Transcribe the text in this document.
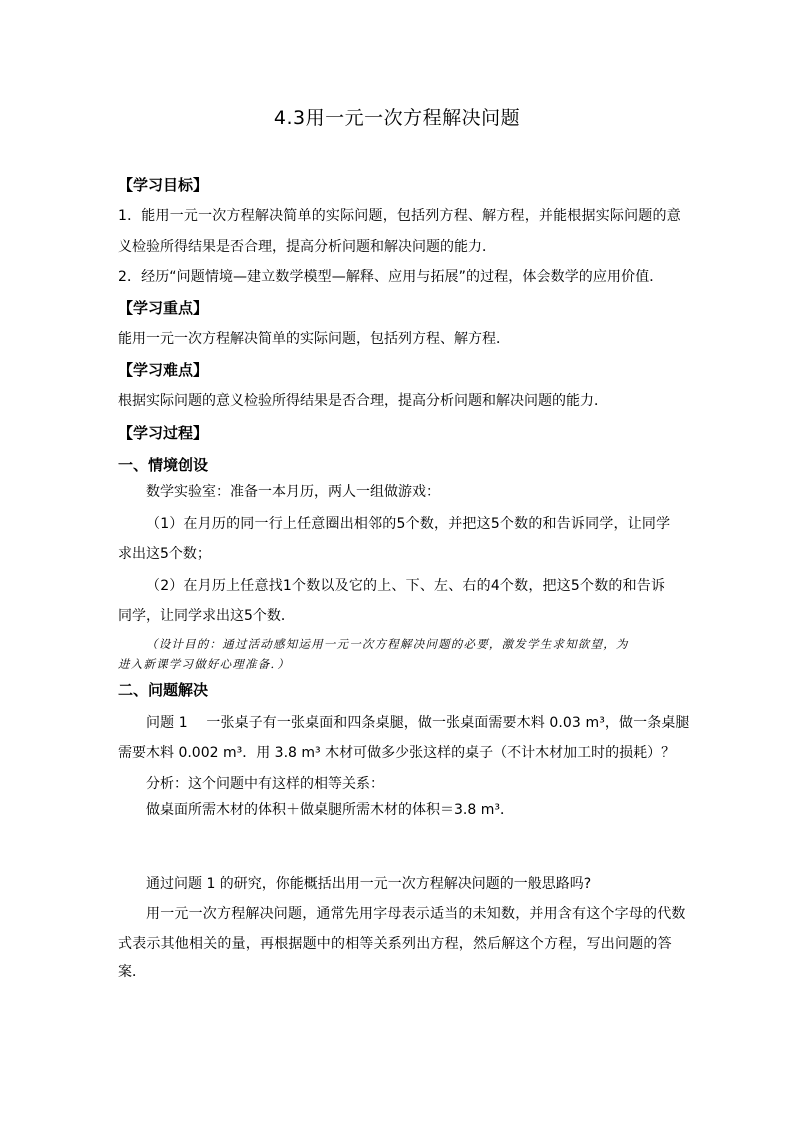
4.3用一元一次方程解决问题
【学习目标】
1．能用一元一次方程解决简单的实际问题，包括列方程、解方程，并能根据实际问题的意
义检验所得结果是否合理，提高分析问题和解决问题的能力．
2．经历“问题情境—建立数学模型—解释、应用与拓展”的过程，体会数学的应用价值．
【学习重点】
能用一元一次方程解决简单的实际问题，包括列方程、解方程．
【学习难点】
根据实际问题的意义检验所得结果是否合理，提高分析问题和解决问题的能力．
【学习过程】
一、情境创设
数学实验室：准备一本月历，两人一组做游戏：
（1）在月历的同一行上任意圈出相邻的5个数，并把这5个数的和告诉同学，让同学
求出这5个数；
（2）在月历上任意找1个数以及它的上、下、左、右的4个数，把这5个数的和告诉
同学，让同学求出这5个数．
（设计目的：通过活动感知运用一元一次方程解决问题的必要，激发学生求知欲望，为
进入新课学习做好心理准备．）
二、问题解决
问题 1　 一张桌子有一张桌面和四条桌腿，做一张桌面需要木料 0.03 m³，做一条桌腿
需要木料 0.002 m³．用 3.8 m³ 木材可做多少张这样的桌子（不计木材加工时的损耗）？
分析：这个问题中有这样的相等关系：
做桌面所需木材的体积＋做桌腿所需木材的体积＝3.8 m³．
通过问题 1 的研究，你能概括出用一元一次方程解决问题的一般思路吗?
用一元一次方程解决问题，通常先用字母表示适当的未知数，并用含有这个字母的代数
式表示其他相关的量，再根据题中的相等关系列出方程，然后解这个方程，写出问题的答
案．
